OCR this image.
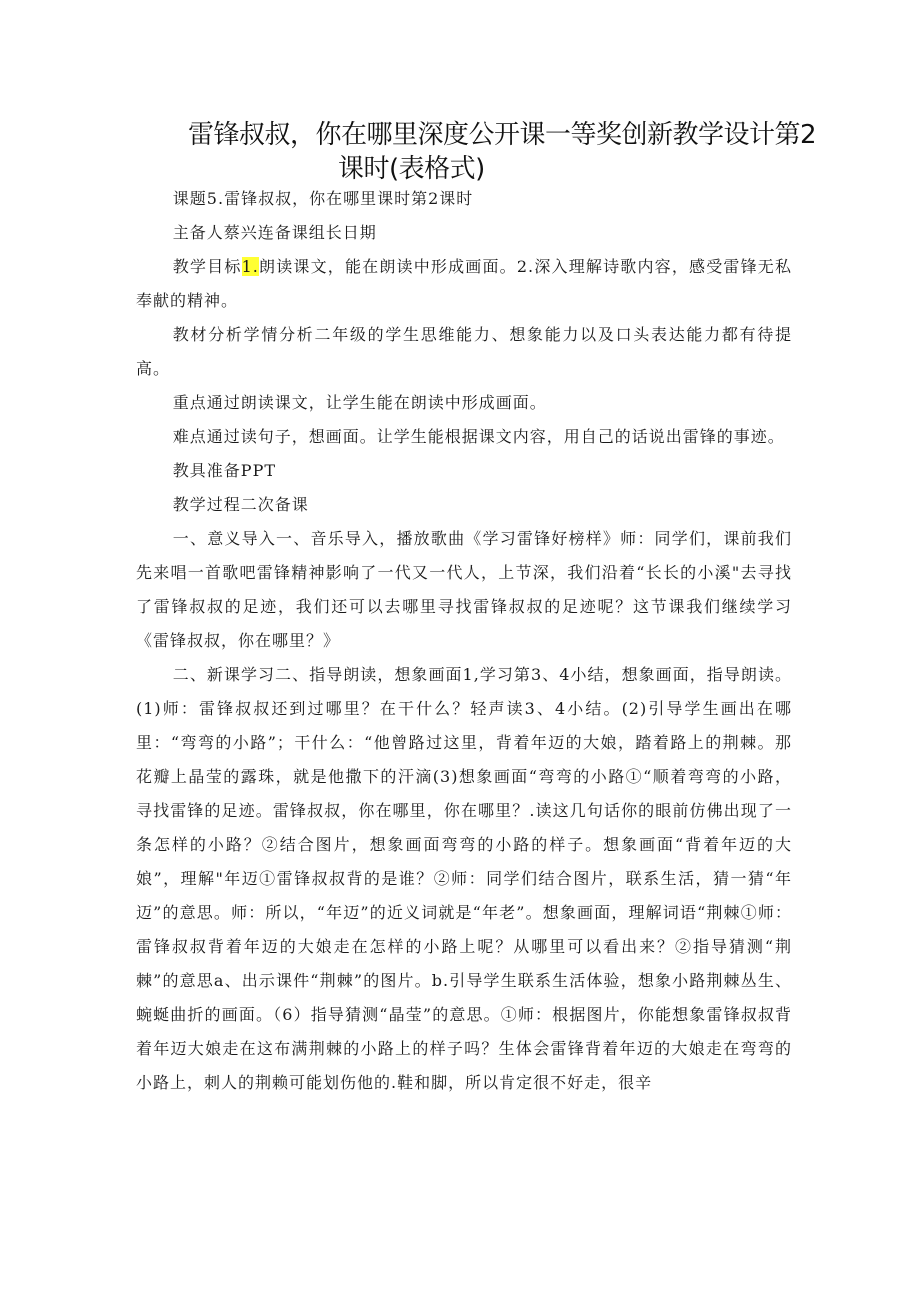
雷锋叔叔，你在哪里深度公开课一等奖创新教学设计第2
课时(表格式)

课题5.雷锋叔叔，你在哪里课时第2课时

主备人蔡兴连备课组长日期

教学目标1.朗读课文，能在朗读中形成画面。2.深入理解诗歌内容，感受雷锋无私奉献的精神。

教材分析学情分析二年级的学生思维能力、想象能力以及口头表达能力都有待提高。

重点通过朗读课文，让学生能在朗读中形成画面。

难点通过读句子，想画面。让学生能根据课文内容，用自己的话说出雷锋的事迹。

教具准备PPT

教学过程二次备课

一、意义导入一、音乐导入，播放歌曲《学习雷锋好榜样》师：同学们，课前我们先来唱一首歌吧雷锋精神影响了一代又一代人，上节深，我们沿着“长长的小溪"去寻找了雷锋叔叔的足迹，我们还可以去哪里寻找雷锋叔叔的足迹呢？这节课我们继续学习《雷锋叔叔，你在哪里？》

二、新课学习二、指导朗读，想象画面1,学习第3、4小结，想象画面，指导朗读。(1)师：雷锋叔叔还到过哪里？在干什么？轻声读3、4小结。(2)引导学生画出在哪里：“弯弯的小路”；干什么：“他曾路过这里，背着年迈的大娘，踏着路上的荆棘。那花瓣上晶莹的露珠，就是他撒下的汗滴(3)想象画面“弯弯的小路①“顺着弯弯的小路，寻找雷锋的足迹。雷锋叔叔，你在哪里，你在哪里？.读这几句话你的眼前仿佛出现了一条怎样的小路？②结合图片，想象画面弯弯的小路的样子。想象画面“背着年迈的大娘”，理解"年迈①雷锋叔叔背的是谁？②师：同学们结合图片，联系生活，猜一猜“年迈”的意思。师：所以，“年迈”的近义词就是“年老”。想象画面，理解词语“荆棘①师：雷锋叔叔背着年迈的大娘走在怎样的小路上呢？从哪里可以看出来？②指导猜测“荆棘”的意思a、出示课件“荆棘”的图片。b.引导学生联系生活体验，想象小路荆棘丛生、蜿蜒曲折的画面。（6）指导猜测“晶莹”的意思。①师：根据图片，你能想象雷锋叔叔背着年迈大娘走在这布满荆棘的小路上的样子吗？生体会雷锋背着年迈的大娘走在弯弯的小路上，刺人的荆赖可能划伤他的.鞋和脚，所以肯定很不好走，很辛
